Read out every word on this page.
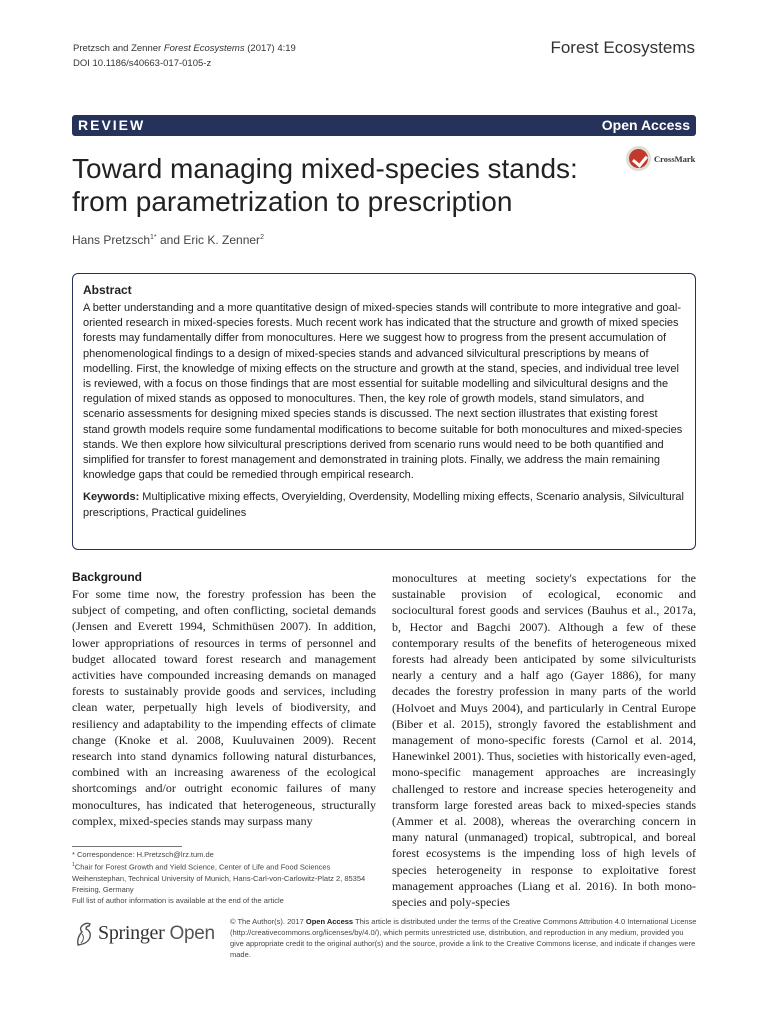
Pretzsch and Zenner Forest Ecosystems (2017) 4:19
DOI 10.1186/s40663-017-0105-z
Forest Ecosystems
REVIEW	Open Access
Toward managing mixed-species stands:
from parametrization to prescription
CrossMark
Hans Pretzsch$^{1*}$ and Eric K. Zenner$^2$
Abstract

A better understanding and a more quantitative design of mixed-species stands will contribute to more integrative and goal-oriented research in mixed-species forests. Much recent work has indicated that the structure and growth of mixed species forests may fundamentally differ from monocultures. Here we suggest how to progress from the present accumulation of phenomenological findings to a design of mixed-species stands and advanced silvicultural prescriptions by means of modelling. First, the knowledge of mixing effects on the structure and growth at the stand, species, and individual tree level is reviewed, with a focus on those findings that are most essential for suitable modelling and silvicultural designs and the regulation of mixed stands as opposed to monocultures. Then, the key role of growth models, stand simulators, and scenario assessments for designing mixed species stands is discussed. The next section illustrates that existing forest stand growth models require some fundamental modifications to become suitable for both monocultures and mixed-species stands. We then explore how silvicultural prescriptions derived from scenario runs would need to be both quantified and simplified for transfer to forest management and demonstrated in training plots. Finally, we address the main remaining knowledge gaps that could be remedied through empirical research.

Keywords: Multiplicative mixing effects, Overyielding, Overdensity, Modelling mixing effects, Scenario analysis, Silvicultural prescriptions, Practical guidelines

Background

For some time now, the forestry profession has been the subject of competing, and often conflicting, societal demands (Jensen and Everett 1994, Schmithüsen 2007). In addition, lower appropriations of resources in terms of personnel and budget allocated toward forest research and management activities have compounded increasing demands on managed forests to sustainably provide goods and services, including clean water, perpetually high levels of biodiversity, and resiliency and adaptability to the impending effects of climate change (Knoke et al. 2008, Kuuluvainen 2009). Recent research into stand dynamics following natural disturbances, combined with an increasing awareness of the ecological shortcomings and/or outright economic failures of many monocultures, has indicated that heterogeneous, structurally complex, mixed-species stands may surpass many

monocultures at meeting society's expectations for the sustainable provision of ecological, economic and sociocultural forest goods and services (Bauhus et al., 2017a, b, Hector and Bagchi 2007). Although a few of these contemporary results of the benefits of heterogeneous mixed forests had already been anticipated by some silviculturists nearly a century and a half ago (Gayer 1886), for many decades the forestry profession in many parts of the world (Holvoet and Muys 2004), and particularly in Central Europe (Biber et al. 2015), strongly favored the establishment and management of mono-specific forests (Carnol et al. 2014, Hanewinkel 2001). Thus, societies with historically even-aged, mono-specific management approaches are increasingly challenged to restore and increase species heterogeneity and transform large forested areas back to mixed-species stands (Ammer et al. 2008), whereas the overarching concern in many natural (unmanaged) tropical, subtropical, and boreal forest ecosystems is the impending loss of high levels of species heterogeneity in response to exploitative forest management approaches (Liang et al. 2016). In both mono-species and poly-species

* Correspondence: H.Pretzsch@lrz.tum.de
$^1$Chair for Forest Growth and Yield Science, Center of Life and Food Sciences Weihenstephan, Technical University of Munich, Hans-Carl-von-Carlowitz-Platz 2, 85354 Freising, Germany
Full list of author information is available at the end of the article
Springer Open
© The Author(s). 2017 Open Access This article is distributed under the terms of the Creative Commons Attribution 4.0 International License (http://creativecommons.org/licenses/by/4.0/), which permits unrestricted use, distribution, and reproduction in any medium, provided you give appropriate credit to the original author(s) and the source, provide a link to the Creative Commons license, and indicate if changes were made.
